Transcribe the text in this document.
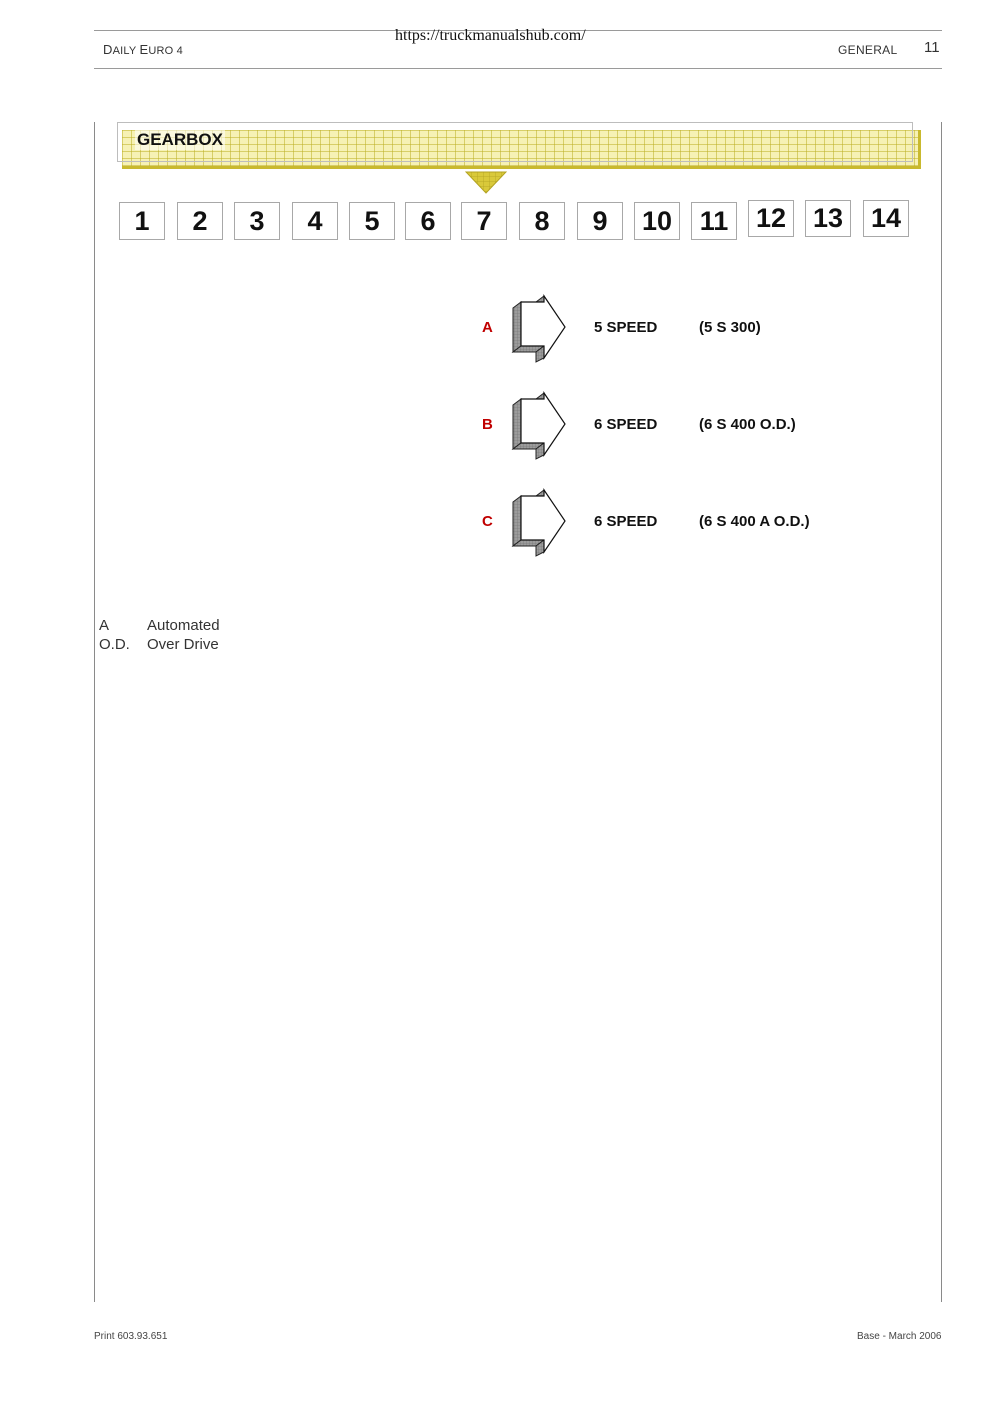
https://truckmanualshub.com/
DAILY EURO 4	GENERAL 11
GEARBOX
1	2	3	4	5	6	7	8	9	10	11	12 13 14
A	5 SPEED	(5 S 300)
B	6 SPEED	(6 S 400 O.D.)
C	6 SPEED	(6 S 400 A O.D.)
A	Automated
O.D. Over Drive
Print 603.93.651	Base - March 2006
